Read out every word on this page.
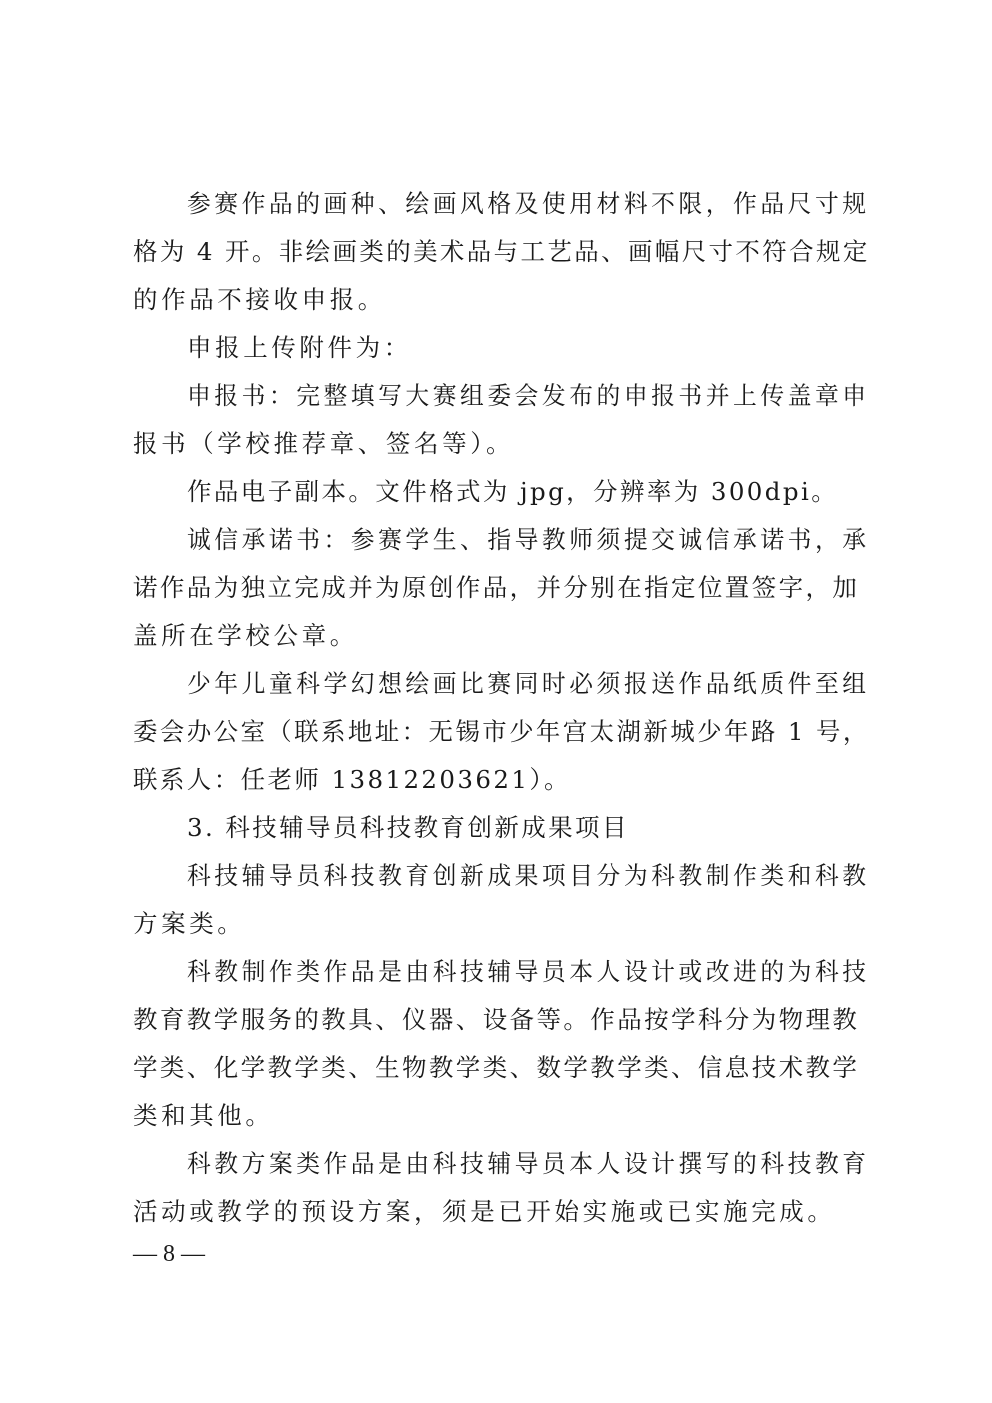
参赛作品的画种、绘画风格及使用材料不限，作品尺寸规
格为 4 开。非绘画类的美术品与工艺品、画幅尺寸不符合规定
的作品不接收申报。
申报上传附件为：
申报书：完整填写大赛组委会发布的申报书并上传盖章申
报书（学校推荐章、签名等）。
作品电子副本。文件格式为 jpg，分辨率为 300dpi。
诚信承诺书：参赛学生、指导教师须提交诚信承诺书，承
诺作品为独立完成并为原创作品，并分别在指定位置签字，加
盖所在学校公章。
少年儿童科学幻想绘画比赛同时必须报送作品纸质件至组
委会办公室（联系地址：无锡市少年宫太湖新城少年路 1 号，
联系人：任老师 13812203621）。
3. 科技辅导员科技教育创新成果项目
科技辅导员科技教育创新成果项目分为科教制作类和科教
方案类。
科教制作类作品是由科技辅导员本人设计或改进的为科技
教育教学服务的教具、仪器、设备等。作品按学科分为物理教
学类、化学教学类、生物教学类、数学教学类、信息技术教学
类和其他。
科教方案类作品是由科技辅导员本人设计撰写的科技教育
活动或教学的预设方案，须是已开始实施或已实施完成。
— 8 —
